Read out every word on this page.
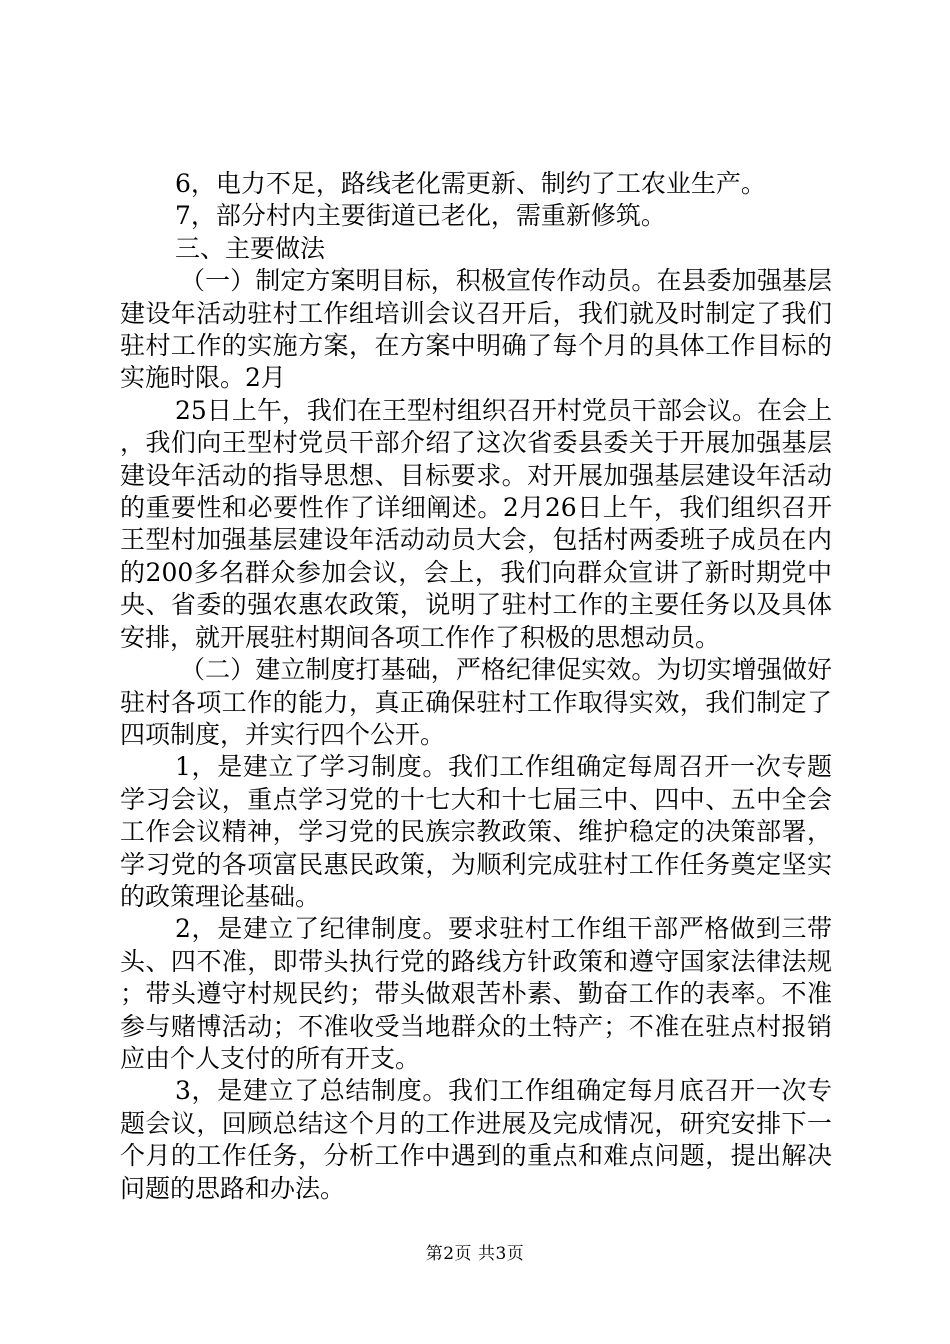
6，电力不足，路线老化需更新、制约了工农业生产。

7，部分村内主要街道已老化，需重新修筑。

三、主要做法

（一）制定方案明目标，积极宣传作动员。在县委加强基层建设年活动驻村工作组培训会议召开后，我们就及时制定了我们驻村工作的实施方案，在方案中明确了每个月的具体工作目标的实施时限。2月

25日上午，我们在王型村组织召开村党员干部会议。在会上，我们向王型村党员干部介绍了这次省委县委关于开展加强基层建设年活动的指导思想、目标要求。对开展加强基层建设年活动的重要性和必要性作了详细阐述。2月26日上午，我们组织召开王型村加强基层建设年活动动员大会，包括村两委班子成员在内的200多名群众参加会议，会上，我们向群众宣讲了新时期党中央、省委的强农惠农政策，说明了驻村工作的主要任务以及具体安排，就开展驻村期间各项工作作了积极的思想动员。

（二）建立制度打基础，严格纪律促实效。为切实增强做好驻村各项工作的能力，真正确保驻村工作取得实效，我们制定了四项制度，并实行四个公开。

1，是建立了学习制度。我们工作组确定每周召开一次专题学习会议，重点学习党的十七大和十七届三中、四中、五中全会工作会议精神，学习党的民族宗教政策、维护稳定的决策部署，学习党的各项富民惠民政策，为顺利完成驻村工作任务奠定坚实的政策理论基础。

2，是建立了纪律制度。要求驻村工作组干部严格做到三带头、四不准，即带头执行党的路线方针政策和遵守国家法律法规；带头遵守村规民约；带头做艰苦朴素、勤奋工作的表率。不准参与赌博活动；不准收受当地群众的土特产；不准在驻点村报销应由个人支付的所有开支。

3，是建立了总结制度。我们工作组确定每月底召开一次专题会议，回顾总结这个月的工作进展及完成情况，研究安排下一个月的工作任务，分析工作中遇到的重点和难点问题，提出解决问题的思路和办法。

第2页 共3页
